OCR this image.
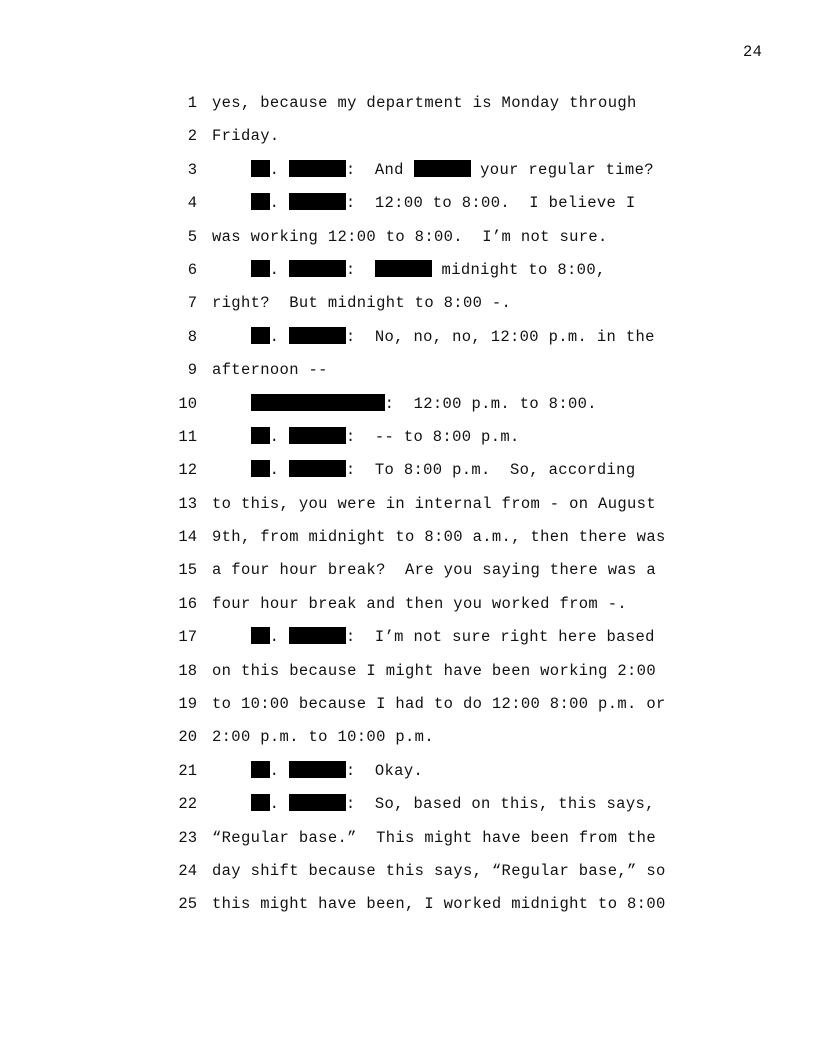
24

1

yes, because my department is Monday through

2

Friday.

3

	.	:  And	your regular time?

4

	.	:  12:00 to 8:00.  I believe I

5

was working 12:00 to 8:00.  I’m not sure.

6

	.	:	midnight to 8:00,

7

right?  But midnight to 8:00 -.

8

	.	:  No, no, no, 12:00 p.m. in the

9

afternoon --

10

	:  12:00 p.m. to 8:00.

11

	.	:  -- to 8:00 p.m.

12

	.	:  To 8:00 p.m.  So, according

13

to this, you were in internal from - on August

14

9th, from midnight to 8:00 a.m., then there was

15

a four hour break?  Are you saying there was a

16

four hour break and then you worked from -.

17

	.	:  I’m not sure right here based

18

on this because I might have been working 2:00

19

to 10:00 because I had to do 12:00 8:00 p.m. or

20

2:00 p.m. to 10:00 p.m.

21

	.	:  Okay.

22

	.	:  So, based on this, this says,

23

“Regular base.”  This might have been from the

24

day shift because this says, “Regular base,” so

25

this might have been, I worked midnight to 8:00
